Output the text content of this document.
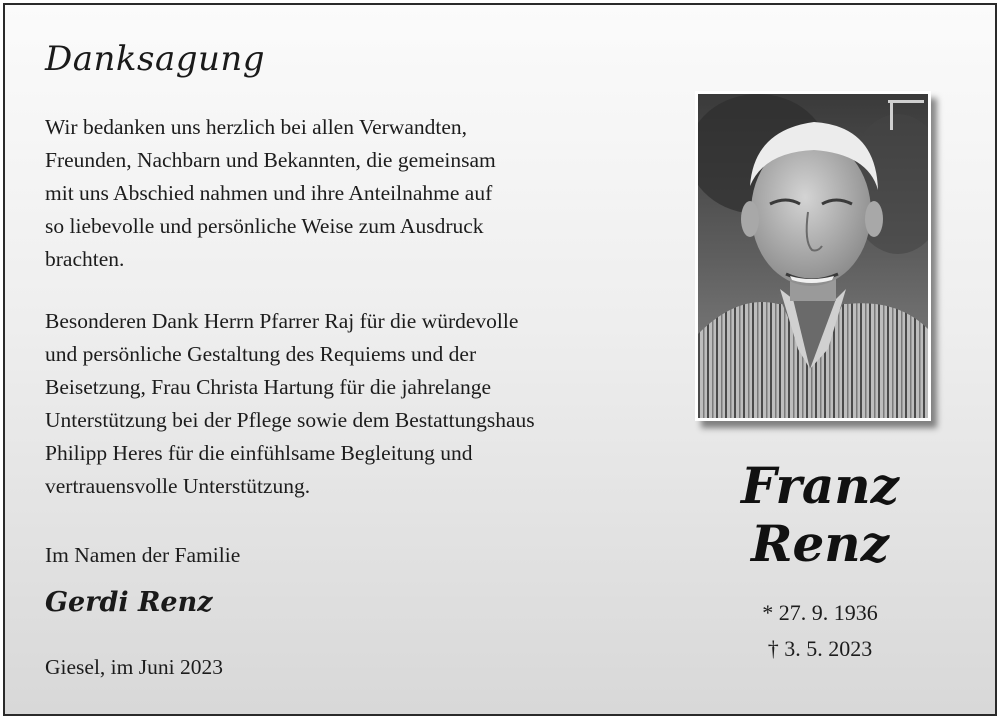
Danksagung

Wir bedanken uns herzlich bei allen Verwandten,
Freunden, Nachbarn und Bekannten, die gemeinsam
mit uns Abschied nahmen und ihre Anteilnahme auf
so liebevolle und persönliche Weise zum Ausdruck
brachten.

Besonderen Dank Herrn Pfarrer Raj für die würdevolle
und persönliche Gestaltung des Requiems und der
Beisetzung, Frau Christa Hartung für die jahrelange
Unterstützung bei der Pflege sowie dem Bestattungshaus
Philipp Heres für die einfühlsame Begleitung und
vertrauensvolle Unterstützung.

Im Namen der Familie
Gerdi Renz
Giesel, im Juni 2023
Franz
Renz
* 27. 9. 1936
† 3. 5. 2023
